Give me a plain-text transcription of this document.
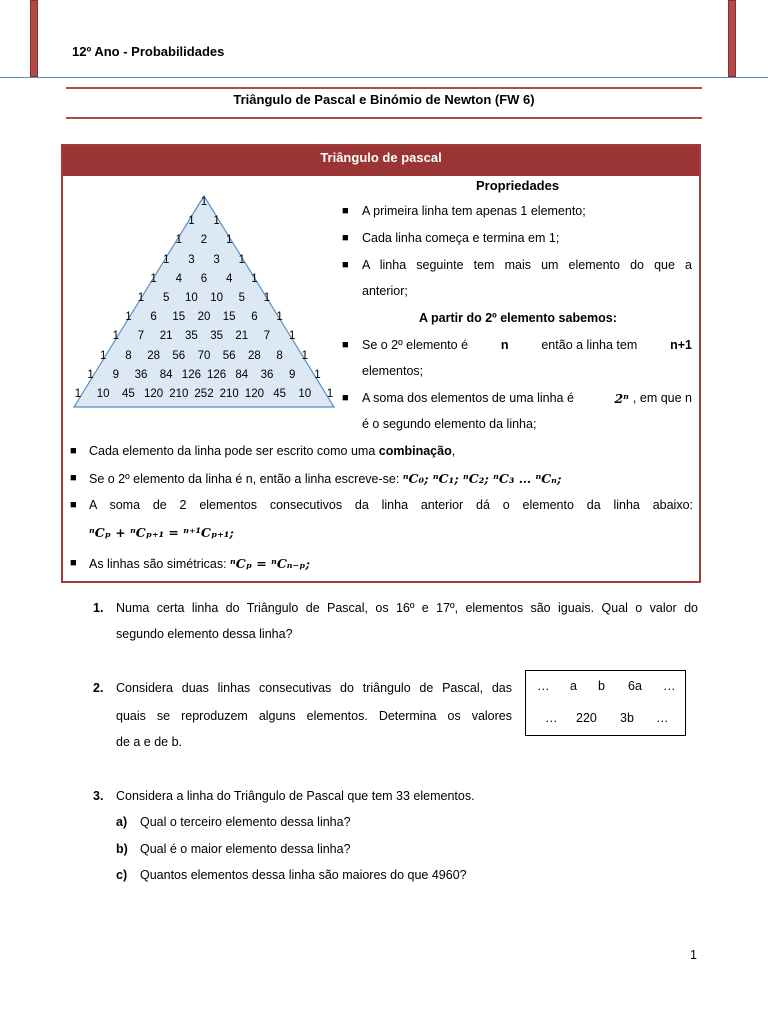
12º Ano - Probabilidades
Triângulo de Pascal e Binómio de Newton (FW 6)
Triângulo de pascal
1
1	1
1	2	1
1	3	3	1
1	4	6	4	1
1	5	10	10	5	1
1	6	15	20	15	6	1
1	7	21	35	35	21	7	1
1	8	28	56	70	56	28	8	1
1	9	36	84 126 126 84	36	9	1
1	10	45 120 210 252 210 120 45	10	1
Propriedades
■ A primeira linha tem apenas 1 elemento;
■ Cada linha começa e termina em 1;
■ A linha seguinte tem mais um elemento do que a
anterior;
A partir do 2º elemento sabemos:
■ Se o 2º elemento é	n	então a linha tem	n+1
elementos;
■ A soma dos elementos de uma linha é	2ⁿ , em que n
é o segundo elemento da linha;
■ Cada elemento da linha pode ser escrito como uma combinação,
■ Se o 2º elemento da linha é n, então a linha escreve-se: ⁿC₀; ⁿC₁; ⁿC₂; ⁿC₃ … ⁿCₙ;
■ A soma de 2 elementos consecutivos da linha anterior dá o elemento da linha abaixo:
ⁿCₚ + ⁿCₚ₊₁ = ⁿ⁺¹Cₚ₊₁;
■ As linhas são simétricas: ⁿCₚ = ⁿCₙ₋ₚ;
1. Numa certa linha do Triângulo de Pascal, os 16º e 17º, elementos são iguais. Qual o valor do
segundo elemento dessa linha?
2. Considera duas linhas consecutivas do triângulo de Pascal, das
quais se reproduzem alguns elementos. Determina os valores
de a e de b.
… a b 6a …
… 220 3b …
3. Considera a linha do Triângulo de Pascal que tem 33 elementos.
a) Qual o terceiro elemento dessa linha?
b) Qual é o maior elemento dessa linha?
c) Quantos elementos dessa linha são maiores do que 4960?
1
